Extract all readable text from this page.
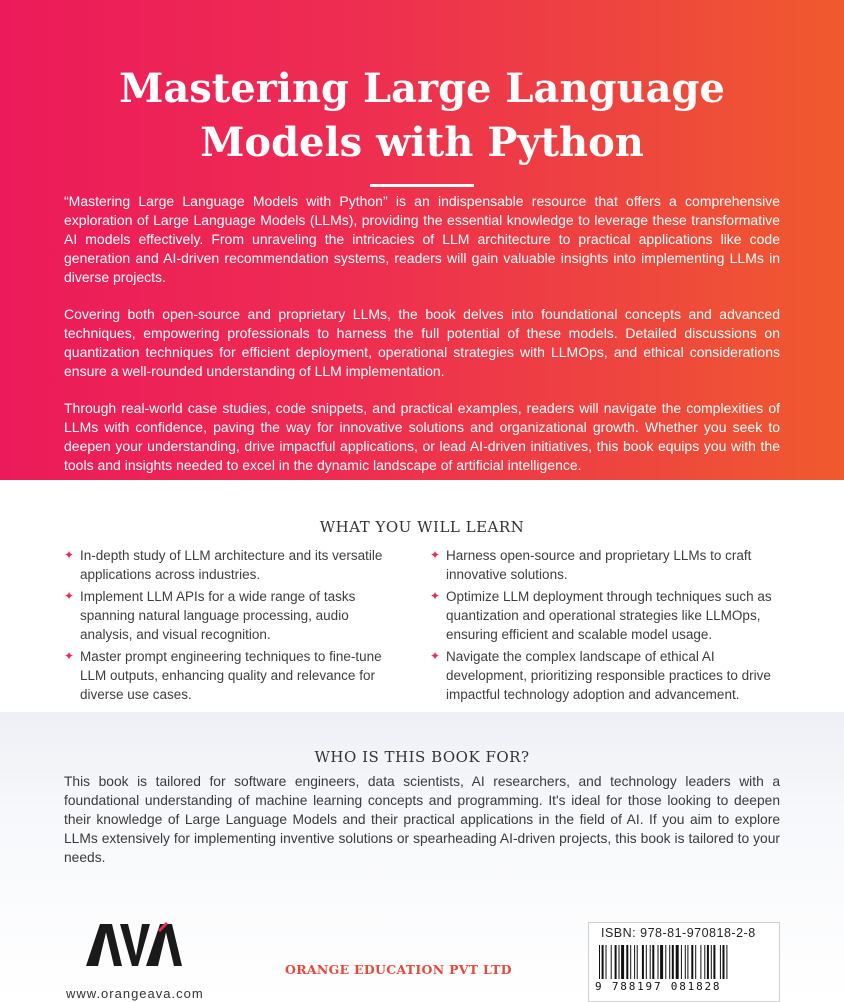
Mastering Large Language
Models with Python

“Mastering Large Language Models with Python” is an indispensable resource that offers a comprehensive exploration of Large Language Models (LLMs), providing the essential knowledge to leverage these transformative AI models effectively. From unraveling the intricacies of LLM architecture to practical applications like code generation and AI-driven recommendation systems, readers will gain valuable insights into implementing LLMs in diverse projects.

Covering both open-source and proprietary LLMs, the book delves into foundational concepts and advanced techniques, empowering professionals to harness the full potential of these models. Detailed discussions on quantization techniques for efficient deployment, operational strategies with LLMOps, and ethical considerations ensure a well-rounded understanding of LLM implementation.

Through real-world case studies, code snippets, and practical examples, readers will navigate the complexities of LLMs with confidence, paving the way for innovative solutions and organizational growth. Whether you seek to deepen your understanding, drive impactful applications, or lead AI-driven initiatives, this book equips you with the tools and insights needed to excel in the dynamic landscape of artificial intelligence.

WHAT YOU WILL LEARN
✦ In-depth study of LLM architecture and its versatile applications across industries.
✦ Implement LLM APIs for a wide range of tasks spanning natural language processing, audio analysis, and visual recognition.
✦ Master prompt engineering techniques to fine-tune LLM outputs, enhancing quality and relevance for diverse use cases.
✦ Harness open-source and proprietary LLMs to craft innovative solutions.
✦ Optimize LLM deployment through techniques such as quantization and operational strategies like LLMOps, ensuring efficient and scalable model usage.
✦ Navigate the complex landscape of ethical AI development, prioritizing responsible practices to drive impactful technology adoption and advancement.
WHO IS THIS BOOK FOR?
This book is tailored for software engineers, data scientists, AI researchers, and technology leaders with a foundational understanding of machine learning concepts and programming. It's ideal for those looking to deepen their knowledge of Large Language Models and their practical applications in the field of AI. If you aim to explore LLMs extensively for implementing inventive solutions or spearheading AI-driven projects, this book is tailored to your needs.
www.orangeava.com
ORANGE EDUCATION PVT LTD
ISBN: 978-81-970818-2-8
9 788197 081828
